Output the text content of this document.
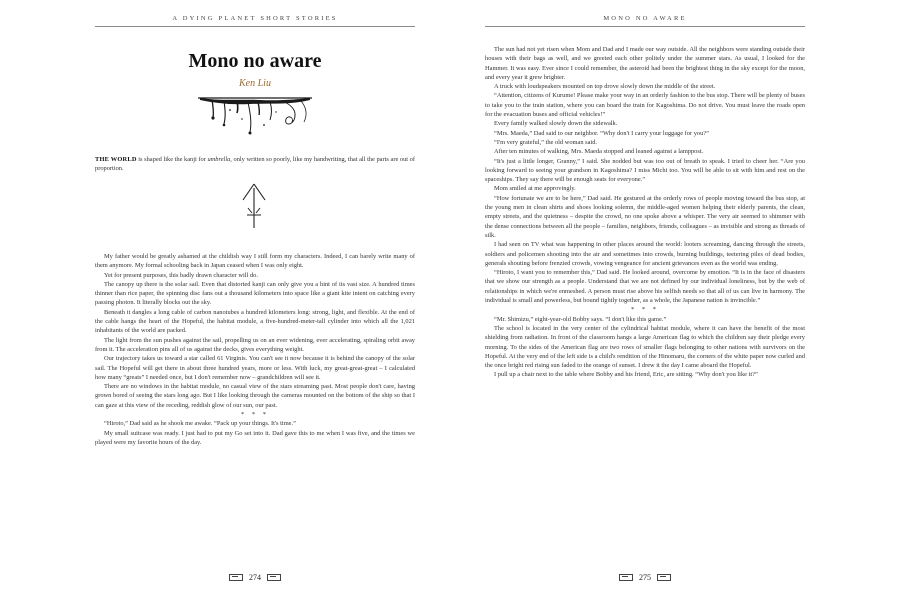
A DYING PLANET SHORT STORIES
Mono no aware
Ken Liu

THE WORLD is shaped like the kanji for umbrella, only written so poorly, like my handwriting, that all the parts are out of proportion.

My father would be greatly ashamed at the childish way I still form my characters. Indeed, I can barely write many of them anymore. My formal schooling back in Japan ceased when I was only eight.

Yet for present purposes, this badly drawn character will do.

The canopy up there is the solar sail. Even that distorted kanji can only give you a hint of its vast size. A hundred times thinner than rice paper, the spinning disc fans out a thousand kilometers into space like a giant kite intent on catching every passing photon. It literally blocks out the sky.

Beneath it dangles a long cable of carbon nanotubes a hundred kilometers long: strong, light, and flexible. At the end of the cable hangs the heart of the Hopeful, the habitat module, a five-hundred-meter-tall cylinder into which all the 1,021 inhabitants of the world are packed.

The light from the sun pushes against the sail, propelling us on an ever widening, ever accelerating, spiraling orbit away from it. The acceleration pins all of us against the decks, gives everything weight.

Our trajectory takes us toward a star called 61 Virginis. You can't see it now because it is behind the canopy of the solar sail. The Hopeful will get there in about three hundred years, more or less. With luck, my great-great-great – I calculated how many “greats” I needed once, but I don't remember now – grandchildren will see it.

There are no windows in the habitat module, no casual view of the stars streaming past. Most people don't care, having grown bored of seeing the stars long ago. But I like looking through the cameras mounted on the bottom of the ship so that I can gaze at this view of the receding, reddish glow of our sun, our past.

* * *

“Hiroto,” Dad said as he shook me awake. “Pack up your things. It's time.”

My small suitcase was ready. I just had to put my Go set into it. Dad gave this to me when I was five, and the times we played were my favorite hours of the day.

274
MONO NO AWARE

The sun had not yet risen when Mom and Dad and I made our way outside. All the neighbors were standing outside their houses with their bags as well, and we greeted each other politely under the summer stars. As usual, I looked for the Hammer. It was easy. Ever since I could remember, the asteroid had been the brightest thing in the sky except for the moon, and every year it grew brighter.

A truck with loudspeakers mounted on top drove slowly down the middle of the street.

“Attention, citizens of Kurume! Please make your way in an orderly fashion to the bus stop. There will be plenty of buses to take you to the train station, where you can board the train for Kagoshima. Do not drive. You must leave the roads open for the evacuation buses and official vehicles!”

Every family walked slowly down the sidewalk.

“Mrs. Maeda,” Dad said to our neighbor. “Why don't I carry your luggage for you?”

“I'm very grateful,” the old woman said.

After ten minutes of walking, Mrs. Maeda stopped and leaned against a lamppost.

“It's just a little longer, Granny,” I said. She nodded but was too out of breath to speak. I tried to cheer her. “Are you looking forward to seeing your grandson in Kagoshima? I miss Michi too. You will be able to sit with him and rest on the spaceships. They say there will be enough seats for everyone.”

Mom smiled at me approvingly.

“How fortunate we are to be here,” Dad said. He gestured at the orderly rows of people moving toward the bus stop, at the young men in clean shirts and shoes looking solemn, the middle-aged women helping their elderly parents, the clean, empty streets, and the quietness – despite the crowd, no one spoke above a whisper. The very air seemed to shimmer with the dense connections between all the people – families, neighbors, friends, colleagues – as invisible and strong as threads of silk.

I had seen on TV what was happening in other places around the world: looters screaming, dancing through the streets, soldiers and policemen shooting into the air and sometimes into crowds, burning buildings, teetering piles of dead bodies, generals shouting before frenzied crowds, vowing vengeance for ancient grievances even as the world was ending.

“Hiroto, I want you to remember this,” Dad said. He looked around, overcome by emotion. “It is in the face of disasters that we show our strength as a people. Understand that we are not defined by our individual loneliness, but by the web of relationships in which we're enmeshed. A person must rise above his selfish needs so that all of us can live in harmony. The individual is small and powerless, but bound tightly together, as a whole, the Japanese nation is invincible.”

* * *

“Mr. Shimizu,” eight-year-old Bobby says. “I don't like this game.”

The school is located in the very center of the cylindrical habitat module, where it can have the benefit of the most shielding from radiation. In front of the classroom hangs a large American flag to which the children say their pledge every morning. To the sides of the American flag are two rows of smaller flags belonging to other nations with survivors on the Hopeful. At the very end of the left side is a child's rendition of the Hinomaru, the corners of the white paper now curled and the once bright red rising sun faded to the orange of sunset. I drew it the day I came aboard the Hopeful.

I pull up a chair next to the table where Bobby and his friend, Eric, are sitting. “Why don't you like it?”

275
